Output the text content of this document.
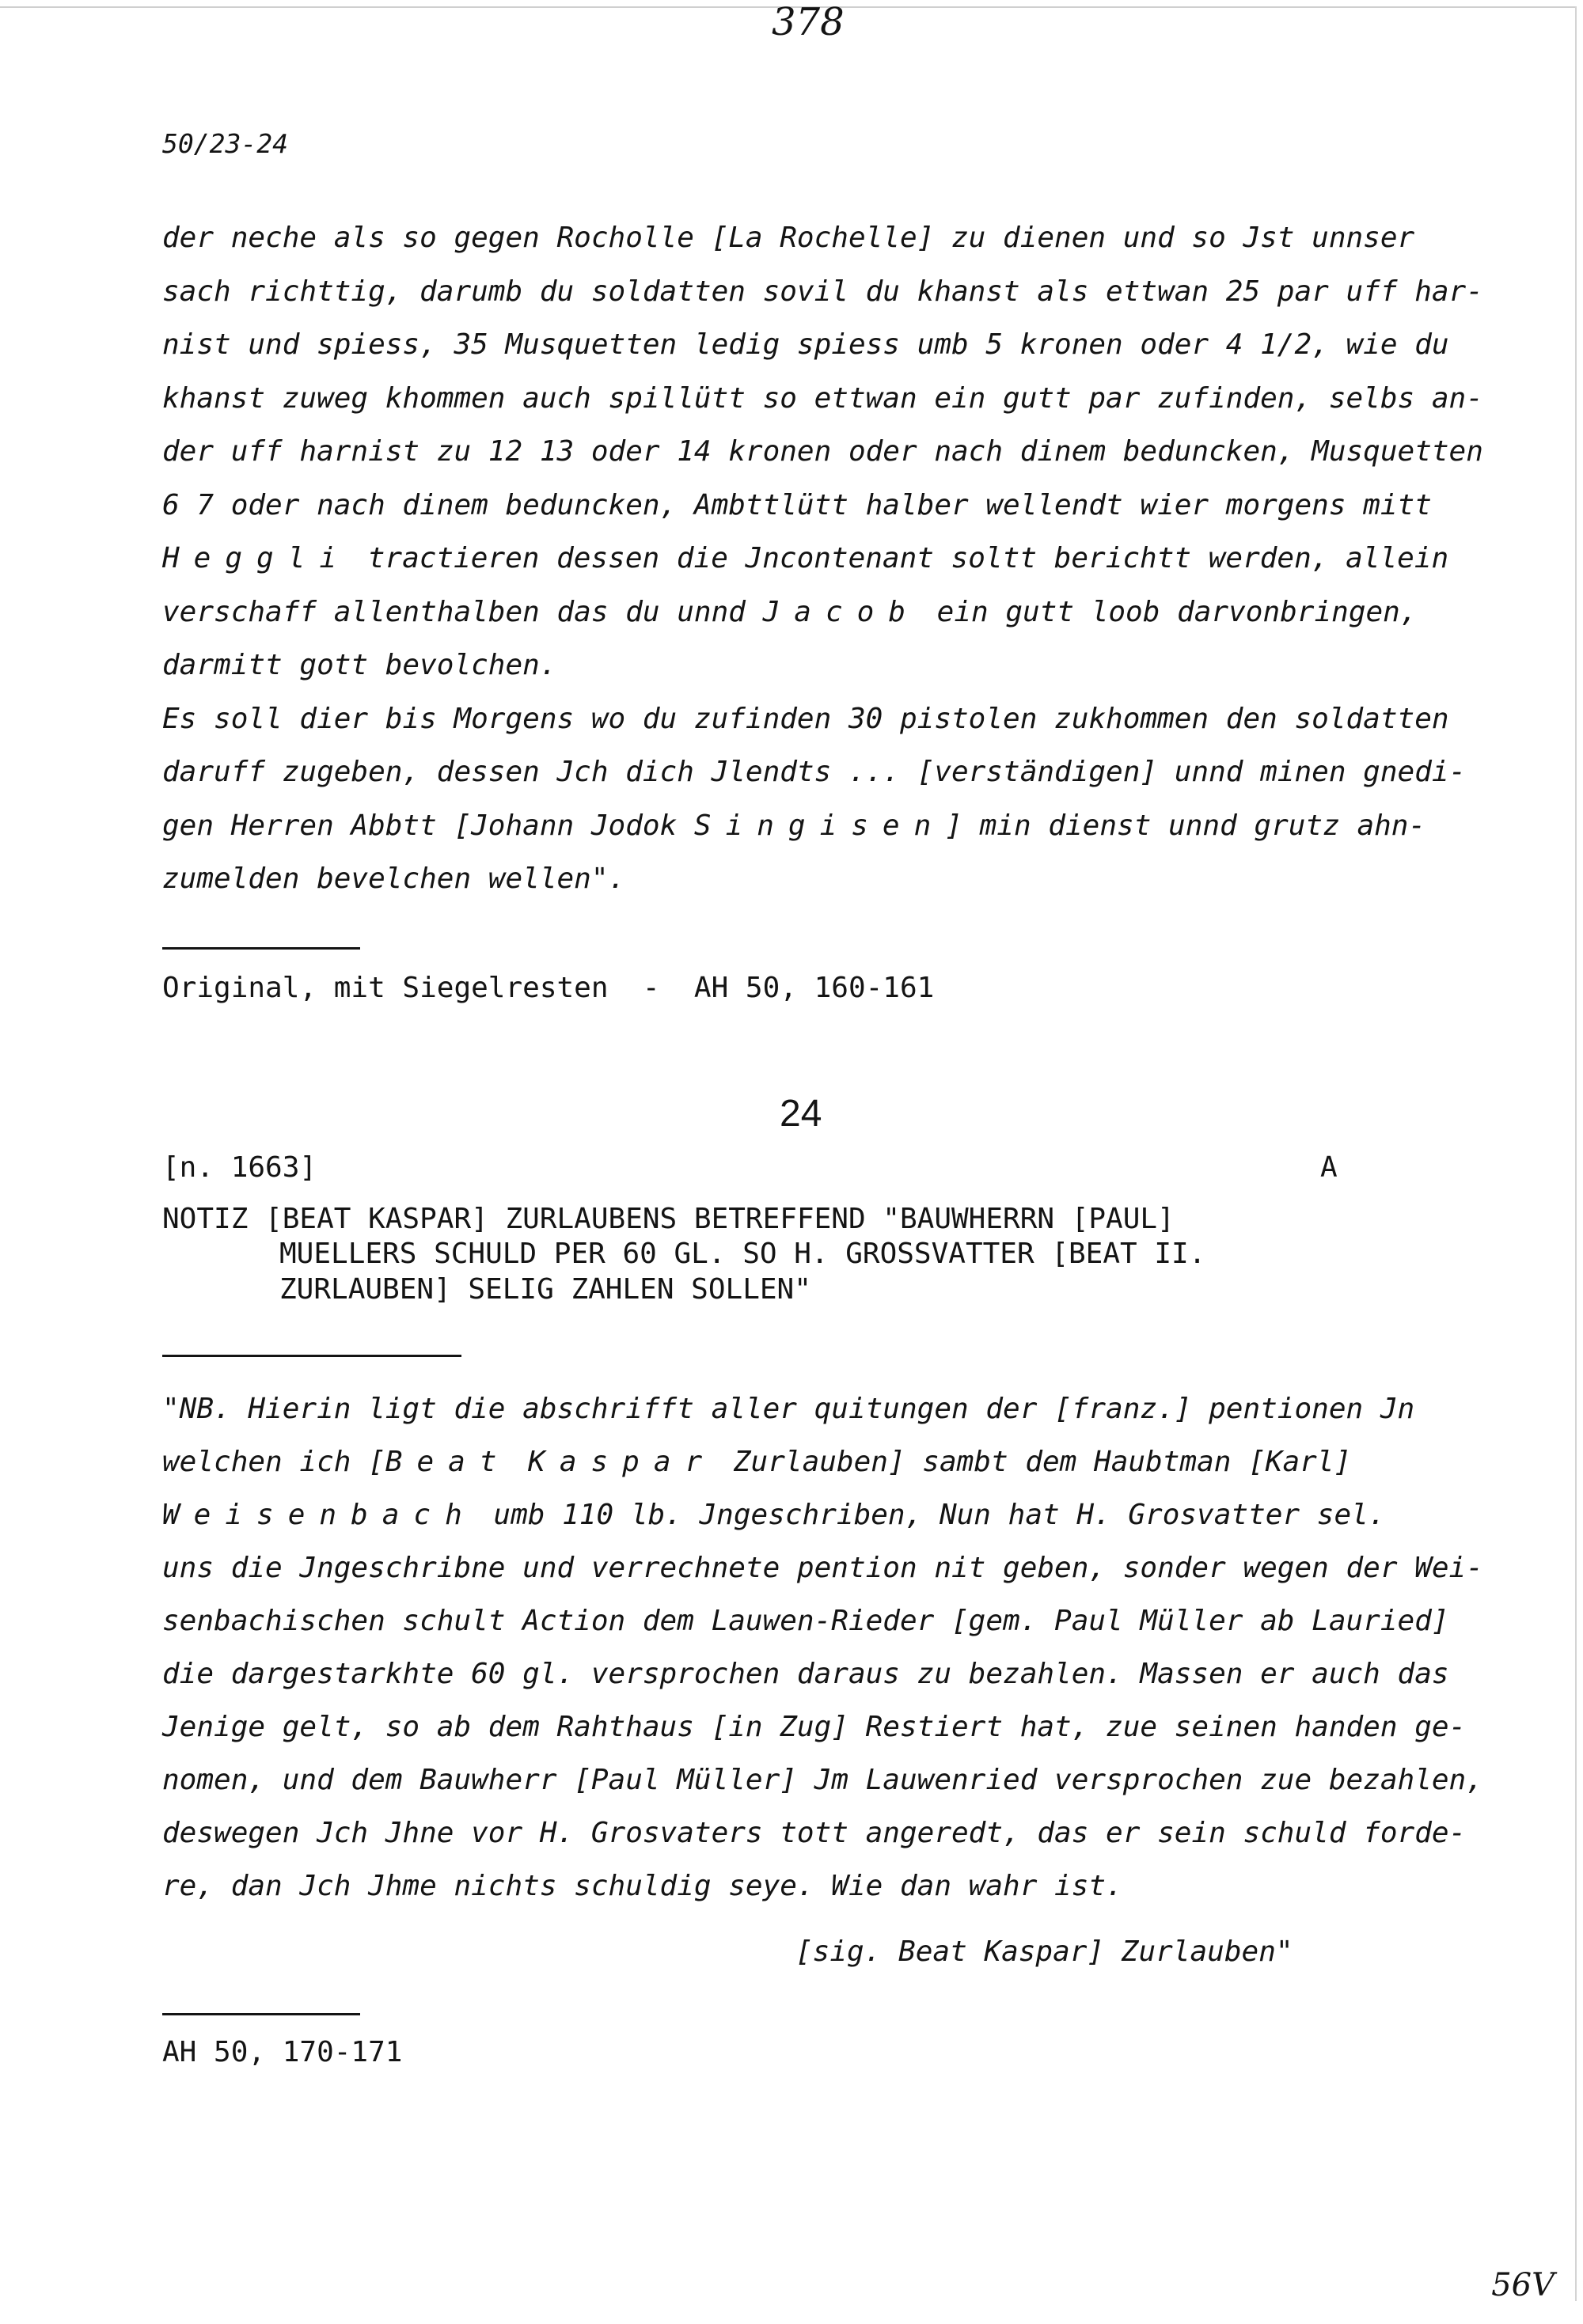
378
50/23-24
der neche als so gegen Rocholle [La Rochelle] zu dienen und so Jst unnser
sach richttig, darumb du soldatten sovil du khanst als ettwan 25 par uff har-
nist und spiess, 35 Musquetten ledig spiess umb 5 kronen oder 4 1/2, wie du
khanst zuweg khommen auch spillütt so ettwan ein gutt par zufinden, selbs an-
der uff harnist zu 12 13 oder 14 kronen oder nach dinem beduncken, Musquetten
6 7 oder nach dinem beduncken, Ambttlütt halber wellendt wier morgens mitt
Heggli tractieren dessen die Jncontenant soltt berichtt werden, allein
verschaff allenthalben das du unnd Jacob ein gutt loob darvonbringen,
darmitt gott bevolchen.
Es soll dier bis Morgens wo du zufinden 30 pistolen zukhommen den soldatten
daruff zugeben, dessen Jch dich Jlendts ... [verständigen] unnd minen gnedi-
gen Herren Abbtt [Johann Jodok Singisen] min dienst unnd grutz ahn-
zumelden bevelchen wellen".
Original, mit Siegelresten  -  AH 50, 160-161
24
[n. 1663]	A
NOTIZ [BEAT KASPAR] ZURLAUBENS BETREFFEND "BAUWHERRN [PAUL]
MUELLERS SCHULD PER 60 GL. SO H. GROSSVATTER [BEAT II.
ZURLAUBEN] SELIG ZAHLEN SOLLEN"
"NB. Hierin ligt die abschrifft aller quitungen der [franz.] pentionen Jn
welchen ich [Beat Kaspar Zurlauben] sambt dem Haubtman [Karl]
Weisenbach umb 110 lb. Jngeschriben, Nun hat H. Grosvatter sel.
uns die Jngeschribne und verrechnete pention nit geben, sonder wegen der Wei-
senbachischen schult Action dem Lauwen-Rieder [gem. Paul Müller ab Lauried]
die dargestarkhte 60 gl. versprochen daraus zu bezahlen. Massen er auch das
Jenige gelt, so ab dem Rahthaus [in Zug] Restiert hat, zue seinen handen ge-
nomen, und dem Bauwherr [Paul Müller] Jm Lauwenried versprochen zue bezahlen,
deswegen Jch Jhne vor H. Grosvaters tott angeredt, das er sein schuld forde-
re, dan Jch Jhme nichts schuldig seye. Wie dan wahr ist.
[sig. Beat Kaspar] Zurlauben"
AH 50, 170-171
56V
